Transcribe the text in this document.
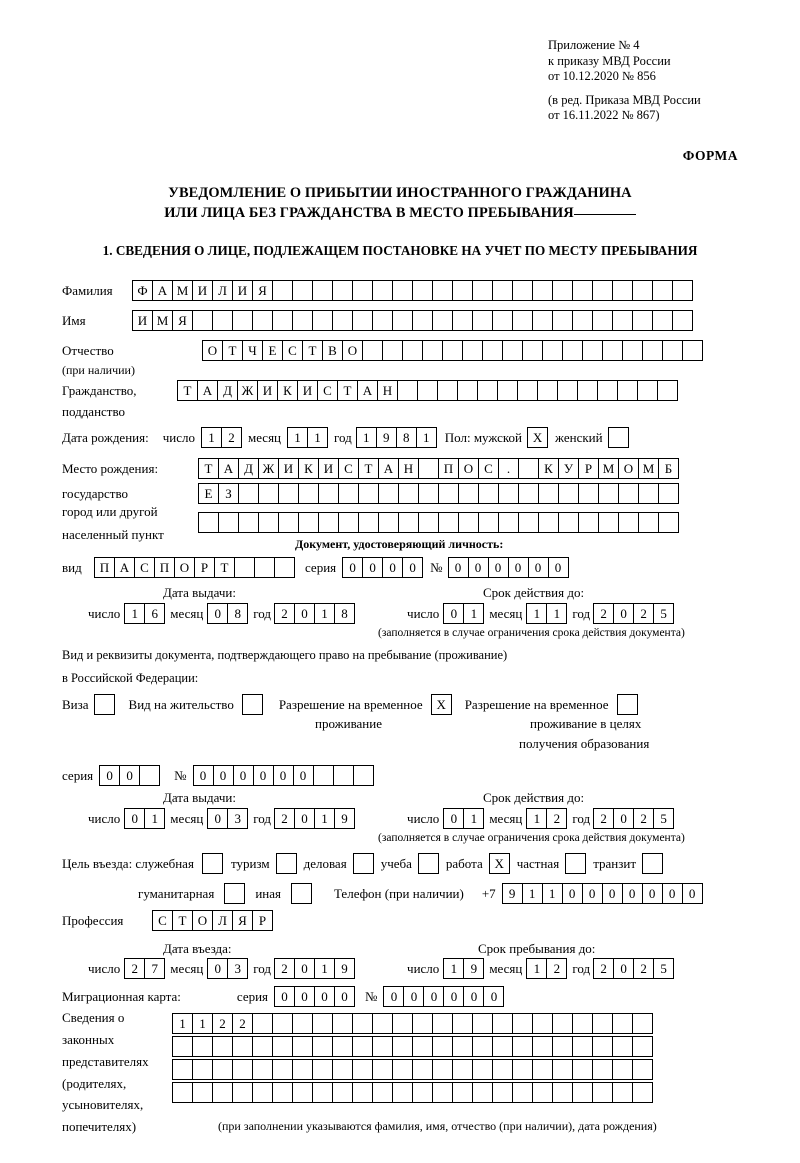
Приложение № 4
к приказу МВД России
от 10.12.2020 № 856
(в ред. Приказа МВД России
от 16.11.2022 № 867)
ФОРМА
УВЕДОМЛЕНИЕ О ПРИБЫТИИ ИНОСТРАННОГО ГРАЖДАНИНА
ИЛИ ЛИЦА БЕЗ ГРАЖДАНСТВА В МЕСТО ПРЕБЫВАНИЯ
1. СВЕДЕНИЯ О ЛИЦЕ, ПОДЛЕЖАЩЕМ ПОСТАНОВКЕ НА УЧЕТ ПО МЕСТУ ПРЕБЫВАНИЯ
Фамилия	Ф А М И Л И Я
Имя	И М Я
Отчество	О Т Ч Е С Т В О
(при наличии)
Гражданство,	Т А Д Ж И К И С Т А Н
подданство
Дата рождения: число	1	2	месяц	1	1	год 1	9	8	1	Пол: мужской X женский
Место рождения:	Т А Д Ж И К И С Т А Н	П О С	.	К У Р М О М Б
государство	Е З
город или другой
населенный пункт
Документ, удостоверяющий личность:
вид	П А С П О Р Т	серия	0	0	0	0	№ 0	0	0	0	0	0
Дата выдачи:	Срок действия до:
число 1	6 месяц 0	8 год 2	0	1	8	число 0	1 месяц 1	1 год 2	0	2	5
(заполняется в случае ограничения срока действия документа)
Вид и реквизиты документа, подтверждающего право на пребывание (проживание)
в Российской Федерации:
Виза	Вид на жительство	Разрешение на временное	X	Разрешение на временное
проживание	проживание в целях
получения образования
серия	0	0	№	0	0	0	0	0	0
Дата выдачи:	Срок действия до:
число 0	1 месяц 0	3 год 2	0	1	9	число 0	1 месяц 1	2 год 2	0	2	5
(заполняется в случае ограничения срока действия документа)
Цель въезда: служебная	туризм	деловая	учеба	работа X частная	транзит
гуманитарная	иная	Телефон (при наличии) +7	9	1	1	0	0	0	0	0	0	0
Профессия	С Т О Л Я Р
Дата въезда:	Срок пребывания до:
число 2	7 месяц 0	3 год 2	0	1	9	число 1	9 месяц 1	2 год 2	0	2	5
Миграционная карта:	серия	0	0	0	0	№	0	0	0	0	0	0
Сведения о	1	1	2	2
законных
представителях
(родителях,
усыновителях,
попечителях)	(при заполнении указываются фамилия, имя, отчество (при наличии), дата рождения)
